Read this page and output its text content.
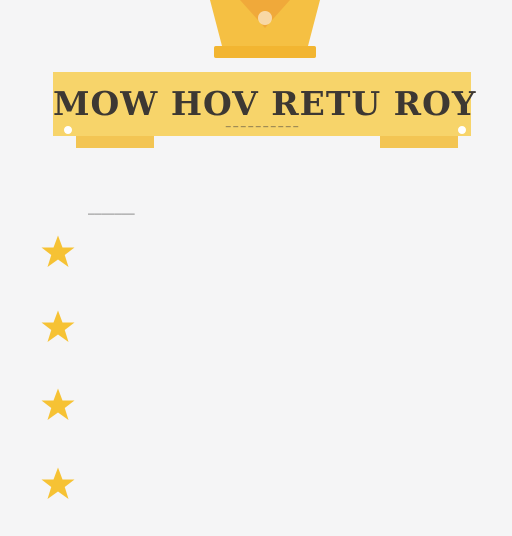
MOW HOV RETU ROY
‒ ‒ ‒ ‒ ‒ ‒ ‒ ‒ ‒ ‒
‒‒‒‒‒‒‒
